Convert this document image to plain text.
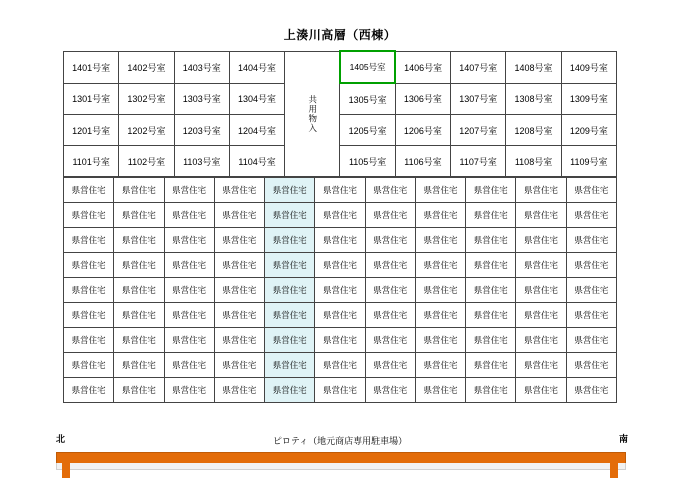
上湊川高層（西棟）
1401号室	1402号室	1403号室	1404号室	共用物入	1405号室	1406号室	1407号室	1408号室	1409号室
1301号室	1302号室	1303号室	1304号室		1305号室	1306号室	1307号室	1308号室	1309号室
1201号室	1202号室	1203号室	1204号室		1205号室	1206号室	1207号室	1208号室	1209号室
1101号室	1102号室	1103号室	1104号室		1105号室	1106号室	1107号室	1108号室	1109号室
県営住宅	県営住宅	県営住宅	県営住宅	県営住宅	県営住宅	県営住宅	県営住宅	県営住宅	県営住宅	県営住宅
県営住宅	県営住宅	県営住宅	県営住宅	県営住宅	県営住宅	県営住宅	県営住宅	県営住宅	県営住宅	県営住宅
県営住宅	県営住宅	県営住宅	県営住宅	県営住宅	県営住宅	県営住宅	県営住宅	県営住宅	県営住宅	県営住宅
県営住宅	県営住宅	県営住宅	県営住宅	県営住宅	県営住宅	県営住宅	県営住宅	県営住宅	県営住宅	県営住宅
県営住宅	県営住宅	県営住宅	県営住宅	県営住宅	県営住宅	県営住宅	県営住宅	県営住宅	県営住宅	県営住宅
県営住宅	県営住宅	県営住宅	県営住宅	県営住宅	県営住宅	県営住宅	県営住宅	県営住宅	県営住宅	県営住宅
県営住宅	県営住宅	県営住宅	県営住宅	県営住宅	県営住宅	県営住宅	県営住宅	県営住宅	県営住宅	県営住宅
県営住宅	県営住宅	県営住宅	県営住宅	県営住宅	県営住宅	県営住宅	県営住宅	県営住宅	県営住宅	県営住宅
県営住宅	県営住宅	県営住宅	県営住宅	県営住宅	県営住宅	県営住宅	県営住宅	県営住宅	県営住宅	県営住宅
北	ピロティ（地元商店専用駐車場）	南
